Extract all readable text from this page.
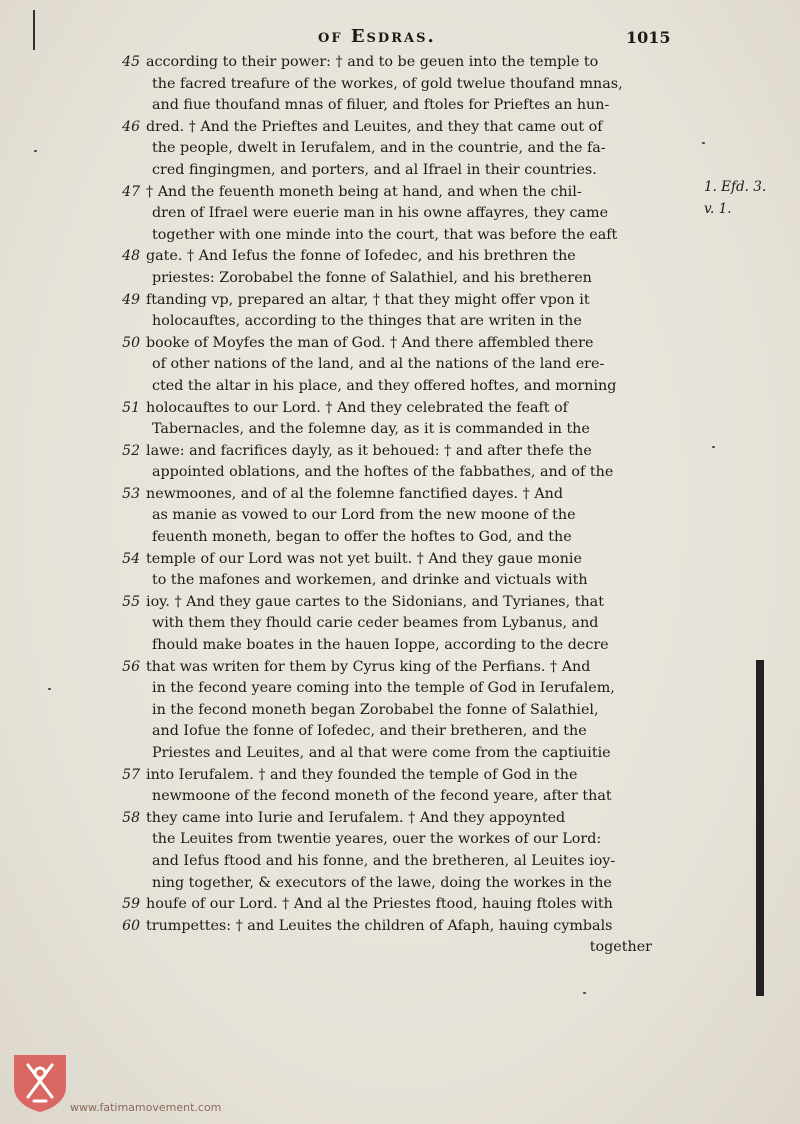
of Esdras.	1015
45 according to their power: † and to be geuen into the temple to
the facred treafure of the workes, of gold twelue thoufand mnas,
and fiue thoufand mnas of filuer, and ftoles for Prieftes an hun-
46 dred. † And the Prieftes and Leuites, and they that came out of
the people, dwelt in Ierufalem, and in the countrie, and the fa-
cred fingingmen, and porters, and al Ifrael in their countries.
47 † And the feuenth moneth being at hand, and when the chil-
dren of Ifrael were euerie man in his owne affayres, they came
together with one minde into the court, that was before the eaft
48 gate. † And Iefus the fonne of Iofedec, and his brethren the
priestes: Zorobabel the fonne of Salathiel, and his bretheren
49 ftanding vp, prepared an altar, † that they might offer vpon it
holocauftes, according to the thinges that are writen in the
50 booke of Moyfes the man of God. † And there affembled there
of other nations of the land, and al the nations of the land ere-
cted the altar in his place, and they offered hoftes, and morning
51 holocauftes to our Lord. † And they celebrated the feaft of
Tabernacles, and the folemne day, as it is commanded in the
52 lawe: and facrifices dayly, as it behoued: † and after thefe the
appointed oblations, and the hoftes of the fabbathes, and of the
53 newmoones, and of al the folemne fanctified dayes. † And
as manie as vowed to our Lord from the new moone of the
feuenth moneth, began to offer the hoftes to God, and the
54 temple of our Lord was not yet built. † And they gaue monie
to the mafones and workemen, and drinke and victuals with
55 ioy. † And they gaue cartes to the Sidonians, and Tyrianes, that
with them they fhould carie ceder beames from Lybanus, and
fhould make boates in the hauen Ioppe, according to the decre
56 that was writen for them by Cyrus king of the Perfians. † And
in the fecond yeare coming into the temple of God in Ierufalem,
in the fecond moneth began Zorobabel the fonne of Salathiel,
and Iofue the fonne of Iofedec, and their bretheren, and the
Priestes and Leuites, and al that were come from the captiuitie
57 into Ierufalem. † and they founded the temple of God in the
newmoone of the fecond moneth of the fecond yeare, after that
58 they came into Iurie and Ierufalem. † And they appoynted
the Leuites from twentie yeares, ouer the workes of our Lord:
and Iefus ftood and his fonne, and the bretheren, al Leuites ioy-
ning together, & executors of the lawe, doing the workes in the
59 houfe of our Lord. † And al the Priestes ftood, hauing ftoles with
60 trumpettes: † and Leuites the children of Afaph, hauing cymbals
together
1. Efd. 3.
v. 1.
www.fatimamovement.com
